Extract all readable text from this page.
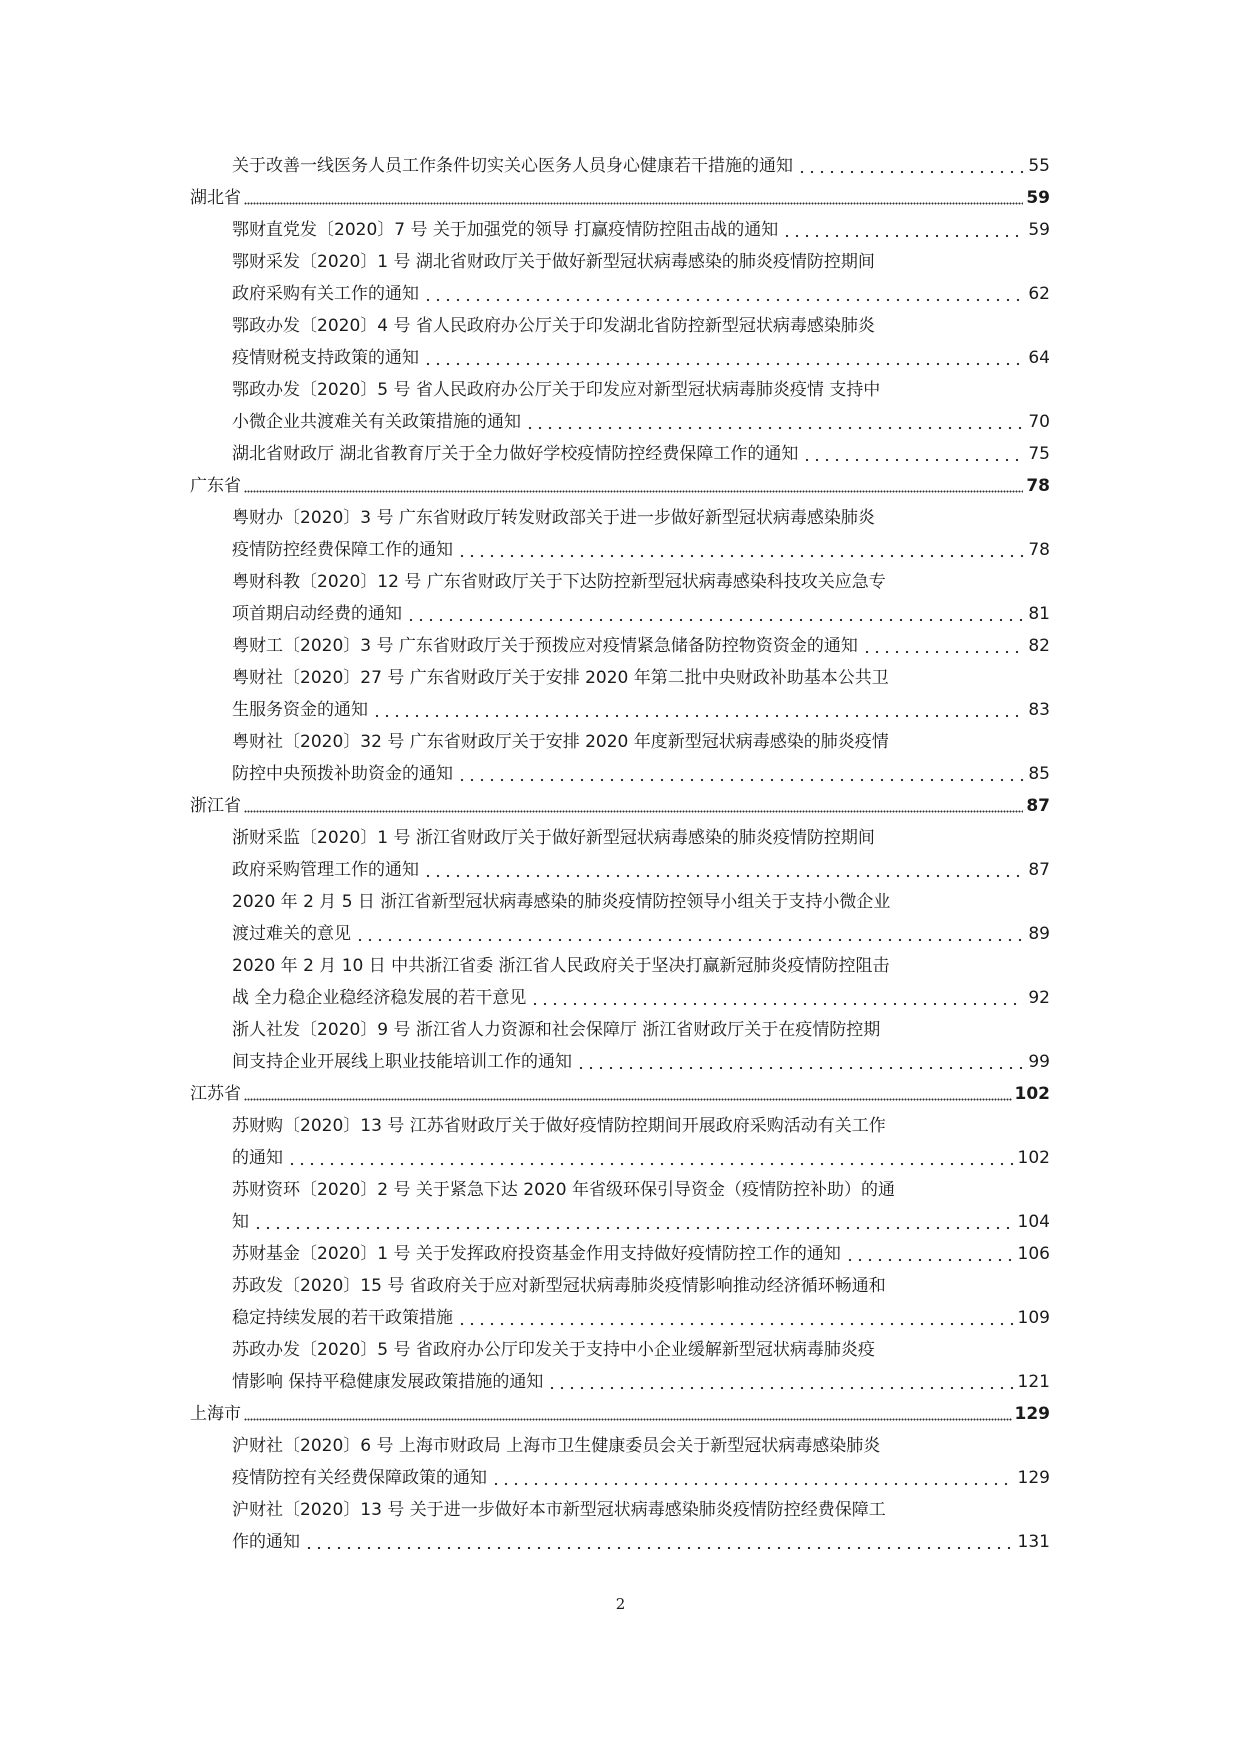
关于改善一线医务人员工作条件切实关心医务人员身心健康若干措施的通知	55
湖北省	59
鄂财直党发〔2020〕7 号 关于加强党的领导 打赢疫情防控阻击战的通知	59
鄂财采发〔2020〕1 号 湖北省财政厅关于做好新型冠状病毒感染的肺炎疫情防控期间
政府采购有关工作的通知	62
鄂政办发〔2020〕4 号 省人民政府办公厅关于印发湖北省防控新型冠状病毒感染肺炎
疫情财税支持政策的通知	64
鄂政办发〔2020〕5 号 省人民政府办公厅关于印发应对新型冠状病毒肺炎疫情 支持中
小微企业共渡难关有关政策措施的通知	70
湖北省财政厅 湖北省教育厅关于全力做好学校疫情防控经费保障工作的通知	75
广东省	78
粤财办〔2020〕3 号 广东省财政厅转发财政部关于进一步做好新型冠状病毒感染肺炎
疫情防控经费保障工作的通知	78
粤财科教〔2020〕12 号 广东省财政厅关于下达防控新型冠状病毒感染科技攻关应急专
项首期启动经费的通知	81
粤财工〔2020〕3 号 广东省财政厅关于预拨应对疫情紧急储备防控物资资金的通知	82
粤财社〔2020〕27 号 广东省财政厅关于安排 2020 年第二批中央财政补助基本公共卫
生服务资金的通知	83
粤财社〔2020〕32 号 广东省财政厅关于安排 2020 年度新型冠状病毒感染的肺炎疫情
防控中央预拨补助资金的通知	85
浙江省	87
浙财采监〔2020〕1 号 浙江省财政厅关于做好新型冠状病毒感染的肺炎疫情防控期间
政府采购管理工作的通知	87
2020 年 2 月 5 日 浙江省新型冠状病毒感染的肺炎疫情防控领导小组关于支持小微企业
渡过难关的意见	89
2020 年 2 月 10 日 中共浙江省委 浙江省人民政府关于坚决打赢新冠肺炎疫情防控阻击
战 全力稳企业稳经济稳发展的若干意见	92
浙人社发〔2020〕9 号 浙江省人力资源和社会保障厅 浙江省财政厅关于在疫情防控期
间支持企业开展线上职业技能培训工作的通知	99
江苏省	102
苏财购〔2020〕13 号 江苏省财政厅关于做好疫情防控期间开展政府采购活动有关工作
的通知	102
苏财资环〔2020〕2 号 关于紧急下达 2020 年省级环保引导资金（疫情防控补助）的通
知	104
苏财基金〔2020〕1 号 关于发挥政府投资基金作用支持做好疫情防控工作的通知	106
苏政发〔2020〕15 号 省政府关于应对新型冠状病毒肺炎疫情影响推动经济循环畅通和
稳定持续发展的若干政策措施	109
苏政办发〔2020〕5 号 省政府办公厅印发关于支持中小企业缓解新型冠状病毒肺炎疫
情影响 保持平稳健康发展政策措施的通知	121
上海市	129
沪财社〔2020〕6 号 上海市财政局 上海市卫生健康委员会关于新型冠状病毒感染肺炎
疫情防控有关经费保障政策的通知	129
沪财社〔2020〕13 号 关于进一步做好本市新型冠状病毒感染肺炎疫情防控经费保障工
作的通知	131
2
